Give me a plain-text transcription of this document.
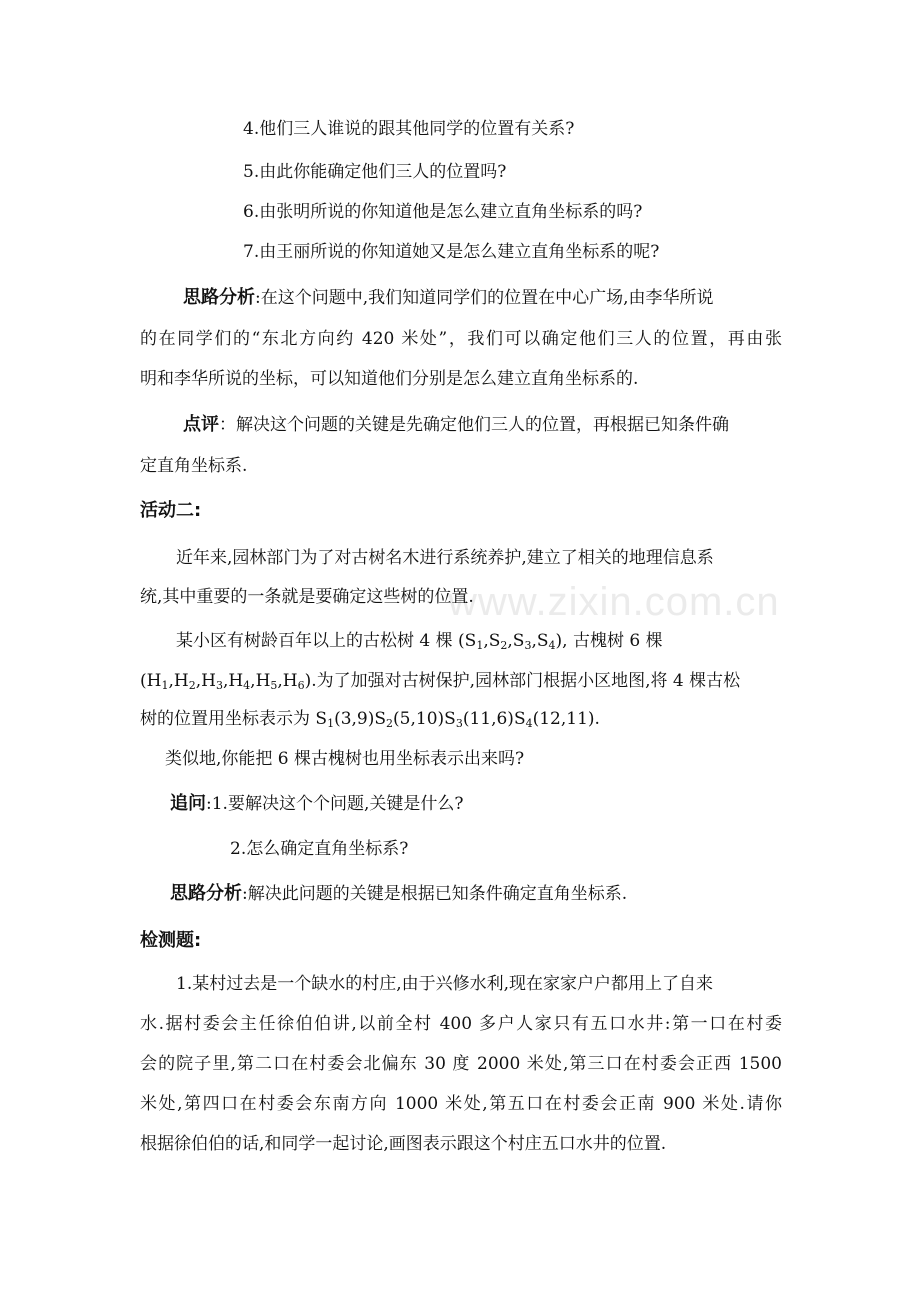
www.zixin.com.cn
4.他们三人谁说的跟其他同学的位置有关系?
5.由此你能确定他们三人的位置吗?
6.由张明所说的你知道他是怎么建立直角坐标系的吗?
7.由王丽所说的你知道她又是怎么建立直角坐标系的呢?
思路分析:在这个问题中,我们知道同学们的位置在中心广场,由李华所说
的在同学们的“东北方向约 420 米处”，我们可以确定他们三人的位置，再由张
明和李华所说的坐标，可以知道他们分别是怎么建立直角坐标系的.
点评：解决这个问题的关键是先确定他们三人的位置，再根据已知条件确
定直角坐标系.
活动二:
近年来,园林部门为了对古树名木进行系统养护,建立了相关的地理信息系
统,其中重要的一条就是要确定这些树的位置.
某小区有树龄百年以上的古松树 4 棵 $(S_1,S_2,S_3,S_4)$, 古槐树 6 棵
$(H_1,H_2,H_3,H_4,H_5,H_6)$.为了加强对古树保护,园林部门根据小区地图,将 4 棵古松
树的位置用坐标表示为 $S_1(3,9)S_2(5,10)S_3(11,6)S_4(12,11)$.
类似地,你能把 6 棵古槐树也用坐标表示出来吗?
追问:1.要解决这个个问题,关键是什么?
2.怎么确定直角坐标系?
思路分析:解决此问题的关键是根据已知条件确定直角坐标系.
检测题:
1.某村过去是一个缺水的村庄,由于兴修水利,现在家家户户都用上了自来
水.据村委会主任徐伯伯讲,以前全村 400 多户人家只有五口水井:第一口在村委
会的院子里,第二口在村委会北偏东 30 度 2000 米处,第三口在村委会正西 1500
米处,第四口在村委会东南方向 1000 米处,第五口在村委会正南 900 米处.请你
根据徐伯伯的话,和同学一起讨论,画图表示跟这个村庄五口水井的位置.
